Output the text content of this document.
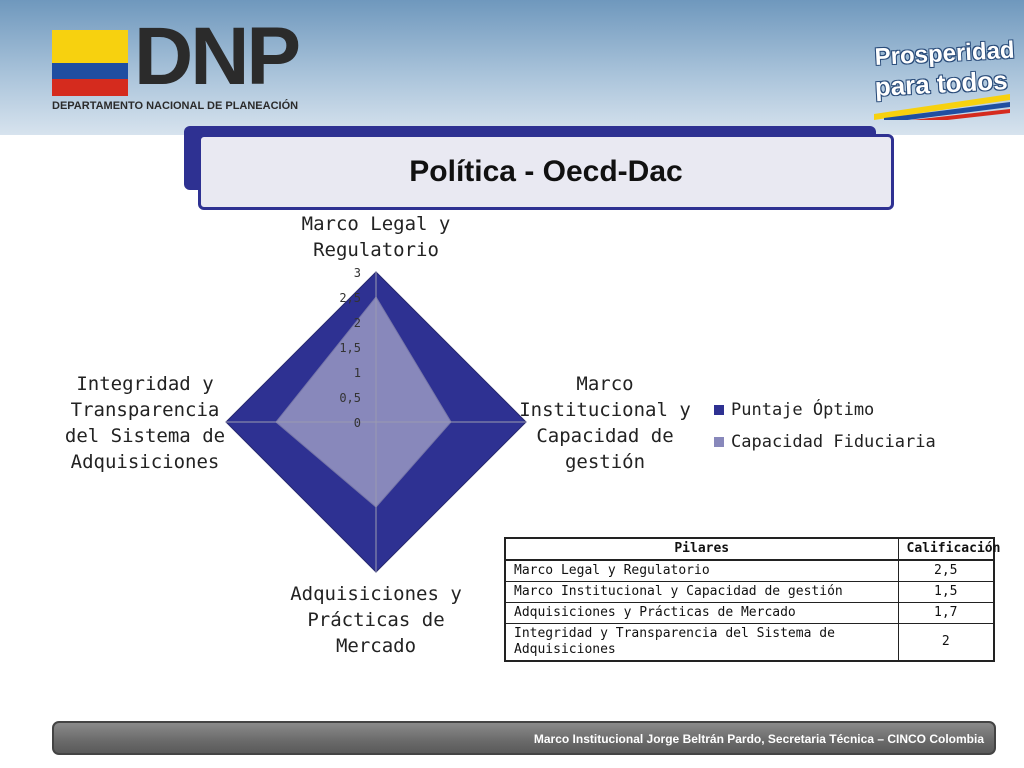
DNP
DEPARTAMENTO NACIONAL DE PLANEACIÓN
Prosperidad
para todos
Política - Oecd-Dac
0
0,5
1
1,5
2
2,5
3
Marco Legal y
Regulatorio
Marco
Institucional y
Capacidad de
gestión
Adquisiciones y
Prácticas de
Mercado
Integridad y
Transparencia
del Sistema de
Adquisiciones
Puntaje Óptimo
Capacidad Fiduciaria
Pilares	Calificación
Marco Legal y Regulatorio	2,5
Marco Institucional y Capacidad de gestión	1,5
Adquisiciones y Prácticas de Mercado	1,7
Integridad y Transparencia del Sistema de Adquisiciones	2
Marco Institucional Jorge Beltrán Pardo, Secretaria Técnica – CINCO Colombia
